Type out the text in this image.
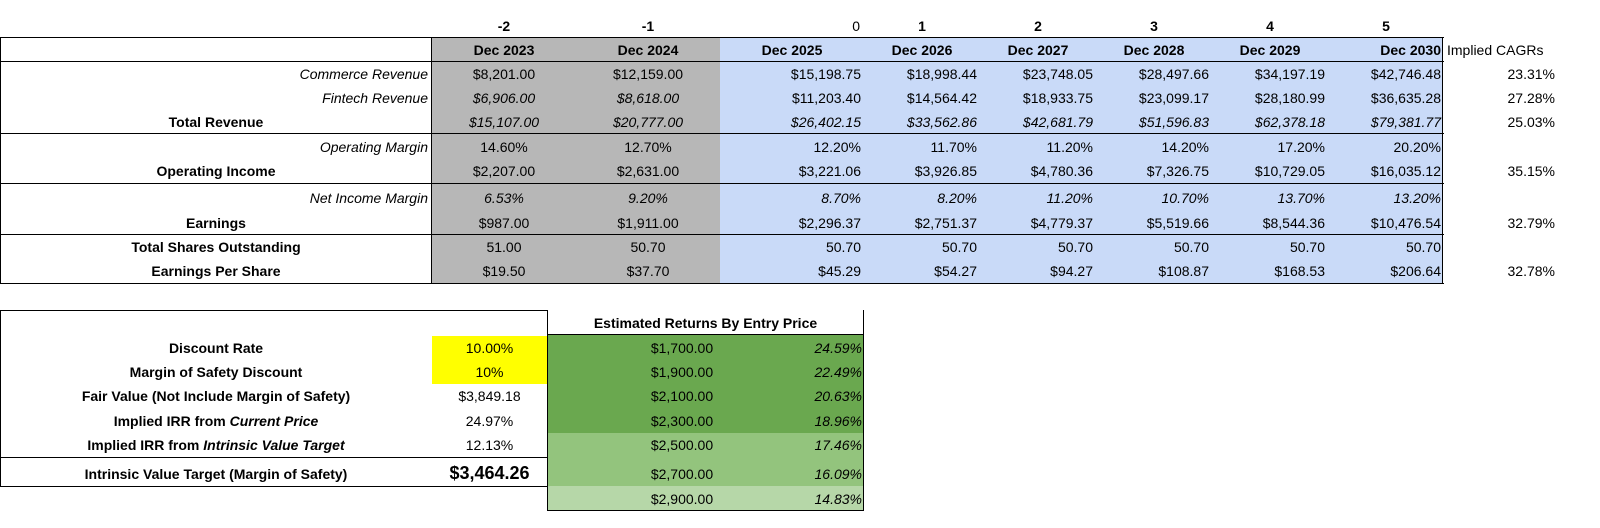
-2	-1	0	1	2	3	4	5
Dec 2023	Dec 2024	Dec 2025	Dec 2026	Dec 2027	Dec 2028	Dec 2029	Dec 2030 Implied CAGRs
Commerce Revenue	$8,201.00	$12,159.00	$15,198.75	$18,998.44	$23,748.05	$28,497.66	$34,197.19	$42,746.48	23.31%
Fintech Revenue	$6,906.00	$8,618.00	$11,203.40	$14,564.42	$18,933.75	$23,099.17	$28,180.99	$36,635.28	27.28%
Total Revenue	$15,107.00	$20,777.00	$26,402.15	$33,562.86	$42,681.79	$51,596.83	$62,378.18	$79,381.77	25.03%
Operating Margin	14.60%	12.70%	12.20%	11.70%	11.20%	14.20%	17.20%	20.20%
Operating Income	$2,207.00	$2,631.00	$3,221.06	$3,926.85	$4,780.36	$7,326.75	$10,729.05	$16,035.12	35.15%
Net Income Margin	6.53%	9.20%	8.70%	8.20%	11.20%	10.70%	13.70%	13.20%
Earnings	$987.00	$1,911.00	$2,296.37	$2,751.37	$4,779.37	$5,519.66	$8,544.36	$10,476.54	32.79%
Total Shares Outstanding	51.00	50.70	50.70	50.70	50.70	50.70	50.70	50.70
Earnings Per Share	$19.50	$37.70	$45.29	$54.27	$94.27	$108.87	$168.53	$206.64	32.78%
Discount Rate	10.00%
Margin of Safety Discount	10%
Fair Value (Not Include Margin of Safety)	$3,849.18
Implied IRR from Current Price	24.97%
Implied IRR from Intrinsic Value Target	12.13%
Intrinsic Value Target (Margin of Safety)	$3,464.26
Estimated Returns By Entry Price
$1,700.00	24.59%
$1,900.00	22.49%
$2,100.00	20.63%
$2,300.00	18.96%
$2,500.00	17.46%
$2,700.00	16.09%
$2,900.00	14.83%
